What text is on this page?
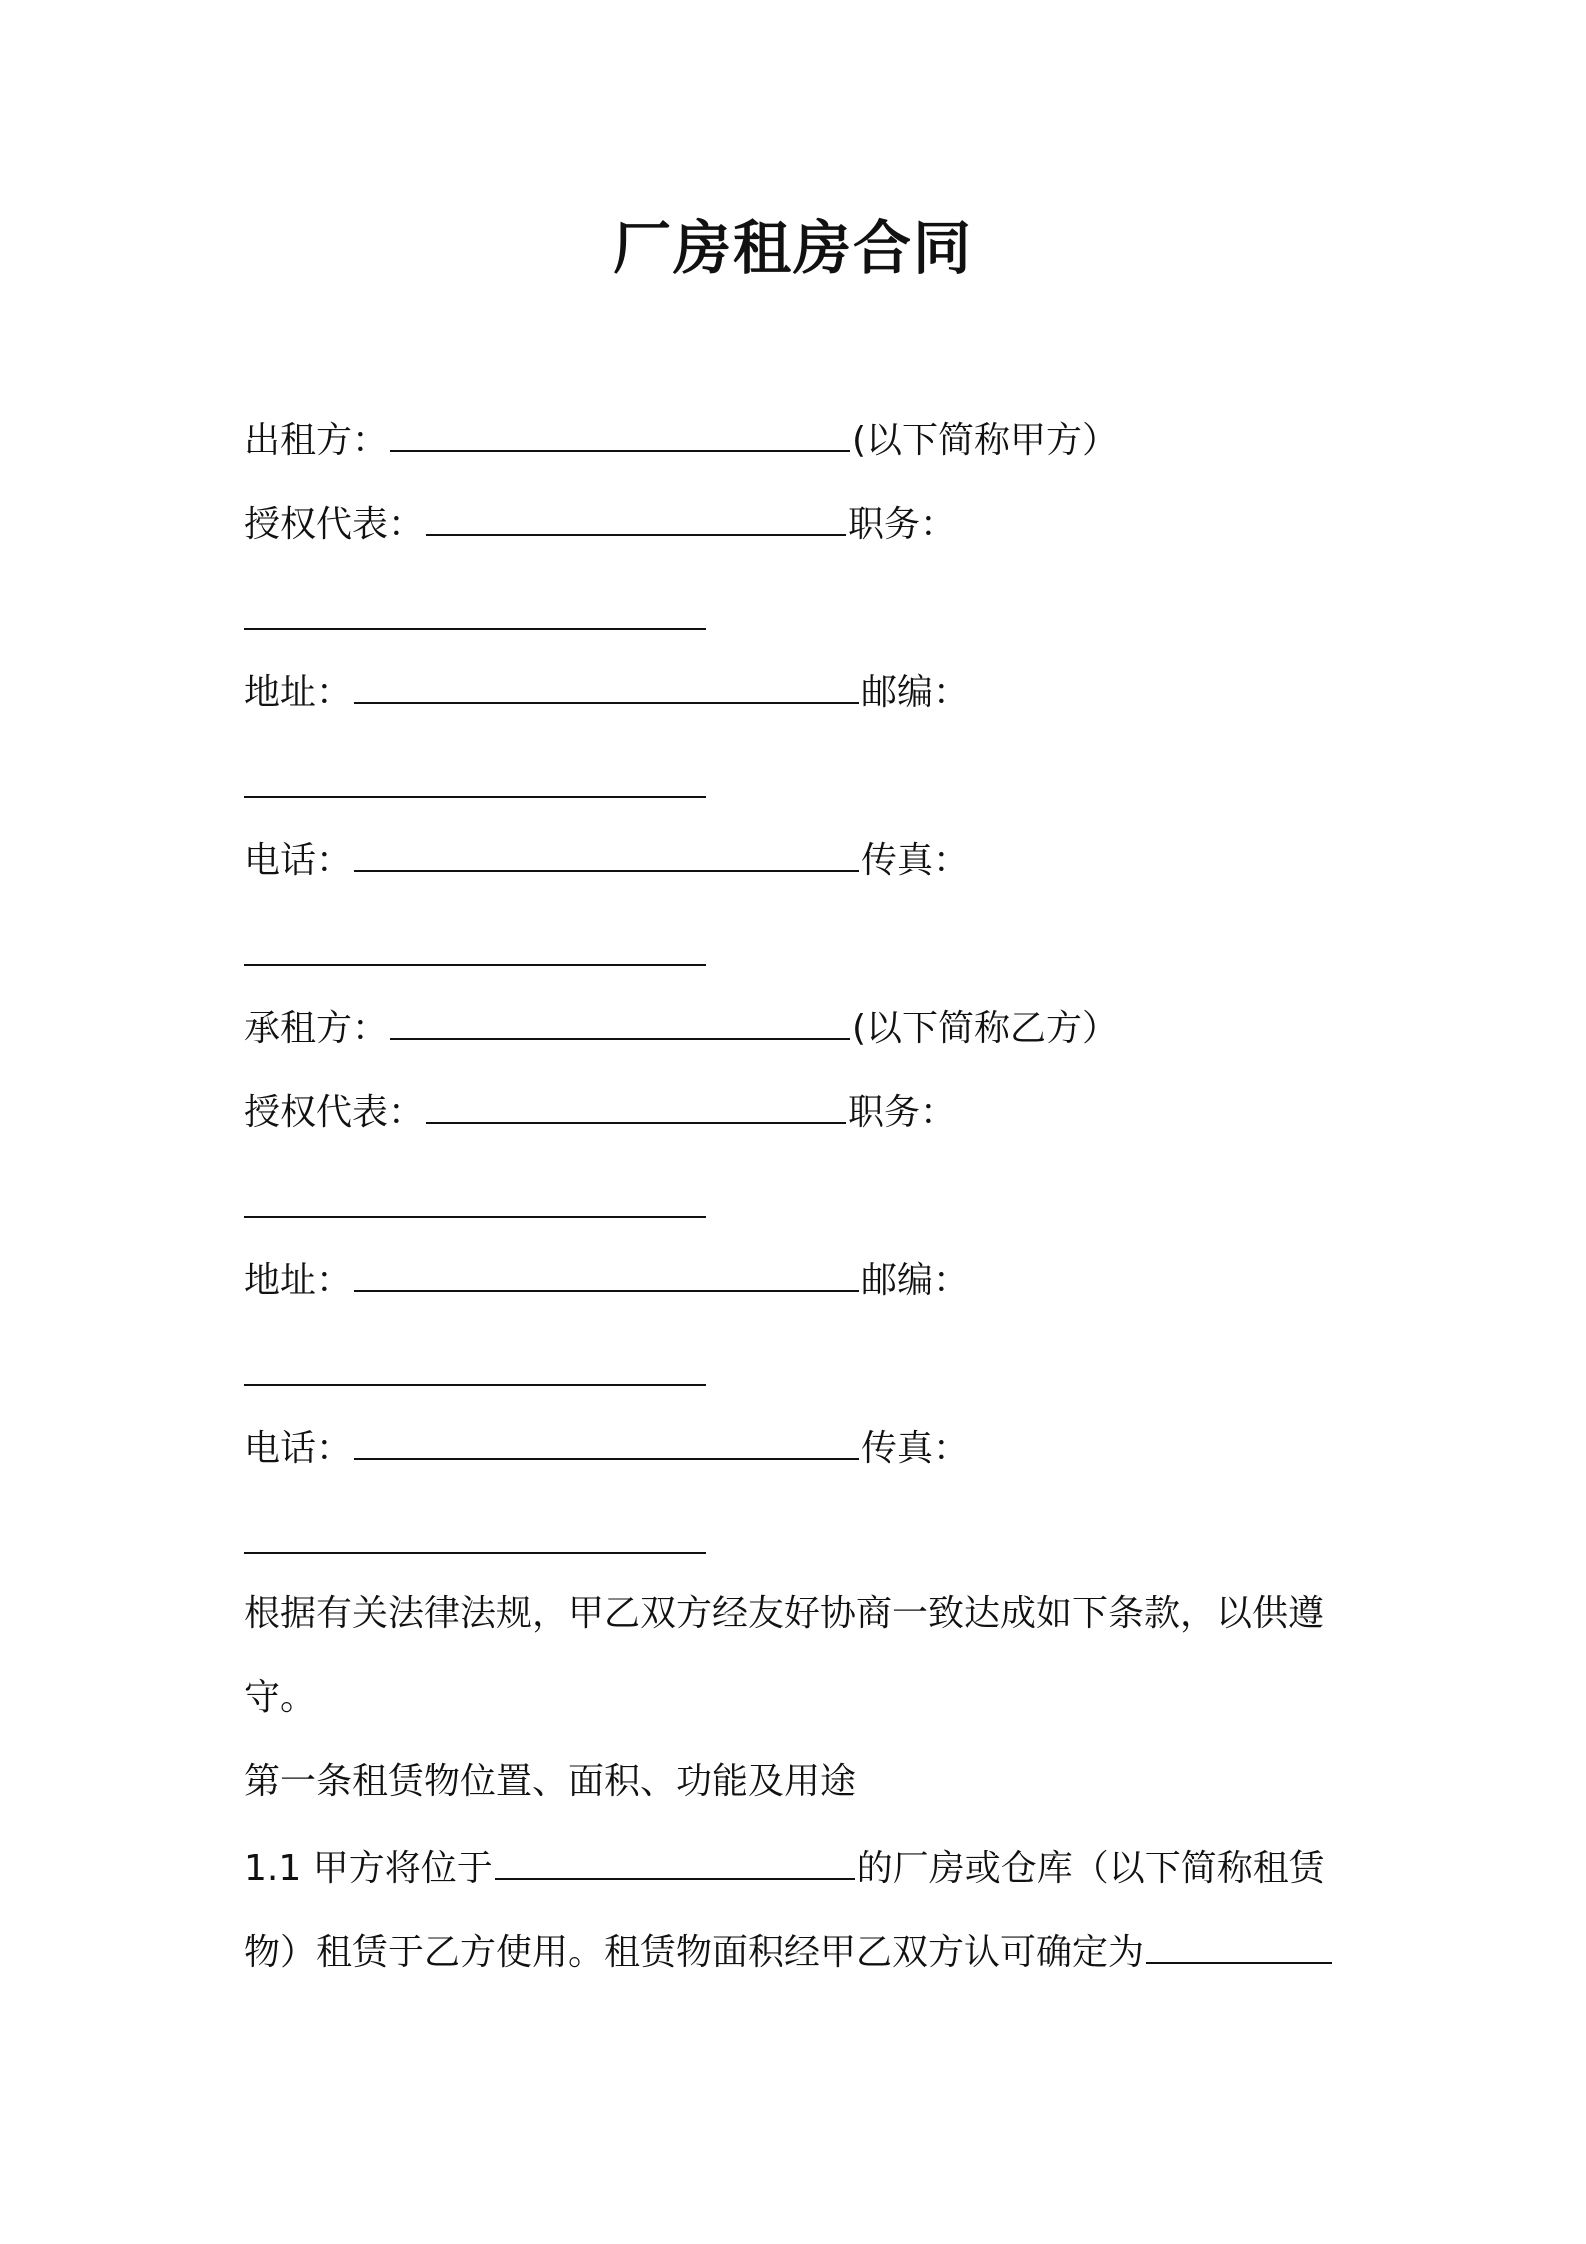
厂房租房合同
出租方：	(以下简称甲方）
授权代表：	职务：
地址：	邮编：
电话：	传真：
承租方：	(以下简称乙方）
授权代表：	职务：
地址：	邮编：
电话：	传真：
根据有关法律法规，甲乙双方经友好协商一致达成如下条款，以供遵
守。
第一条租赁物位置、面积、功能及用途
1.1 甲方将位于	的厂房或仓库（以下简称租赁
物）租赁于乙方使用。租赁物面积经甲乙双方认可确定为
